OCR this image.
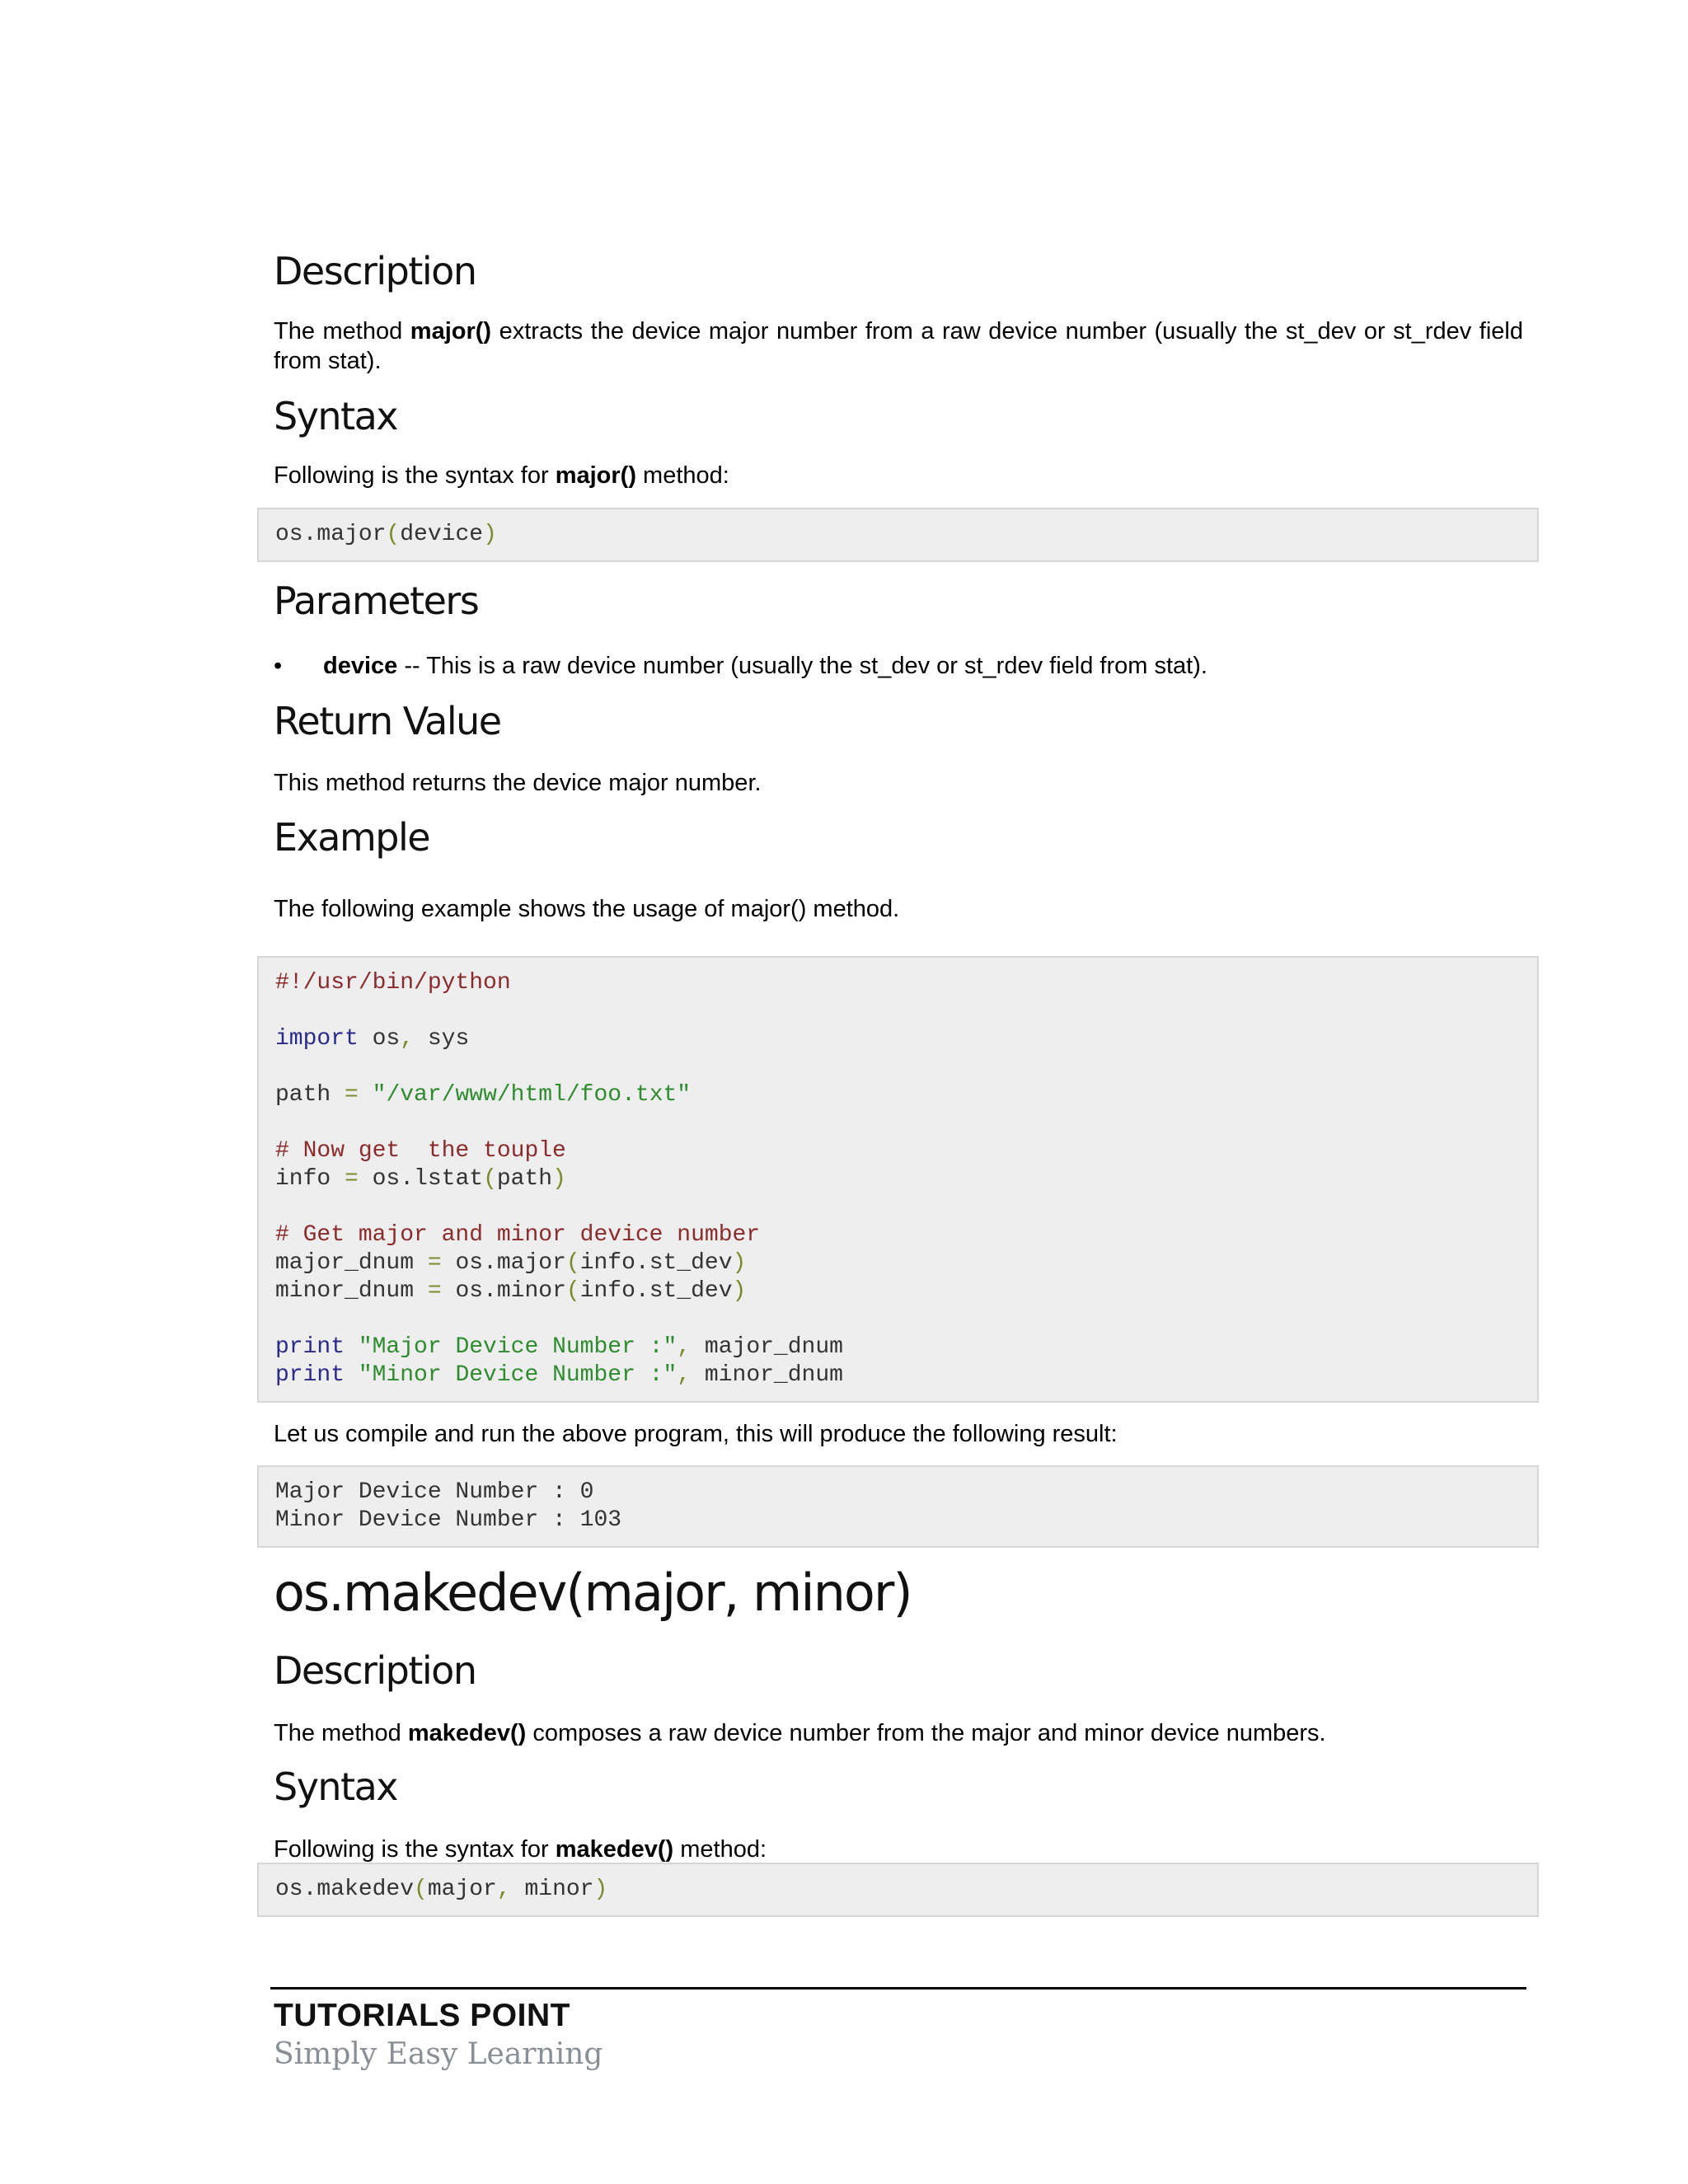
Description

The method major() extracts the device major number from a raw device number (usually the st_dev or st_rdev field from stat).

Syntax

Following is the syntax for major() method:

os.major(device)
Parameters
• device -- This is a raw device number (usually the st_dev or st_rdev field from stat).
Return Value

This method returns the device major number.

Example

The following example shows the usage of major() method.

#!/usr/bin/python

import os, sys

path = "/var/www/html/foo.txt"

# Now get  the touple
info = os.lstat(path)

# Get major and minor device number
major_dnum = os.major(info.st_dev)
minor_dnum = os.minor(info.st_dev)

print "Major Device Number :", major_dnum
print "Minor Device Number :", minor_dnum

Let us compile and run the above program, this will produce the following result:

Major Device Number : 0
Minor Device Number : 103
os.makedev(major, minor)
Description

The method makedev() composes a raw device number from the major and minor device numbers.

Syntax

Following is the syntax for makedev() method:

os.makedev(major, minor)
TUTORIALS POINT
Simply Easy Learning
